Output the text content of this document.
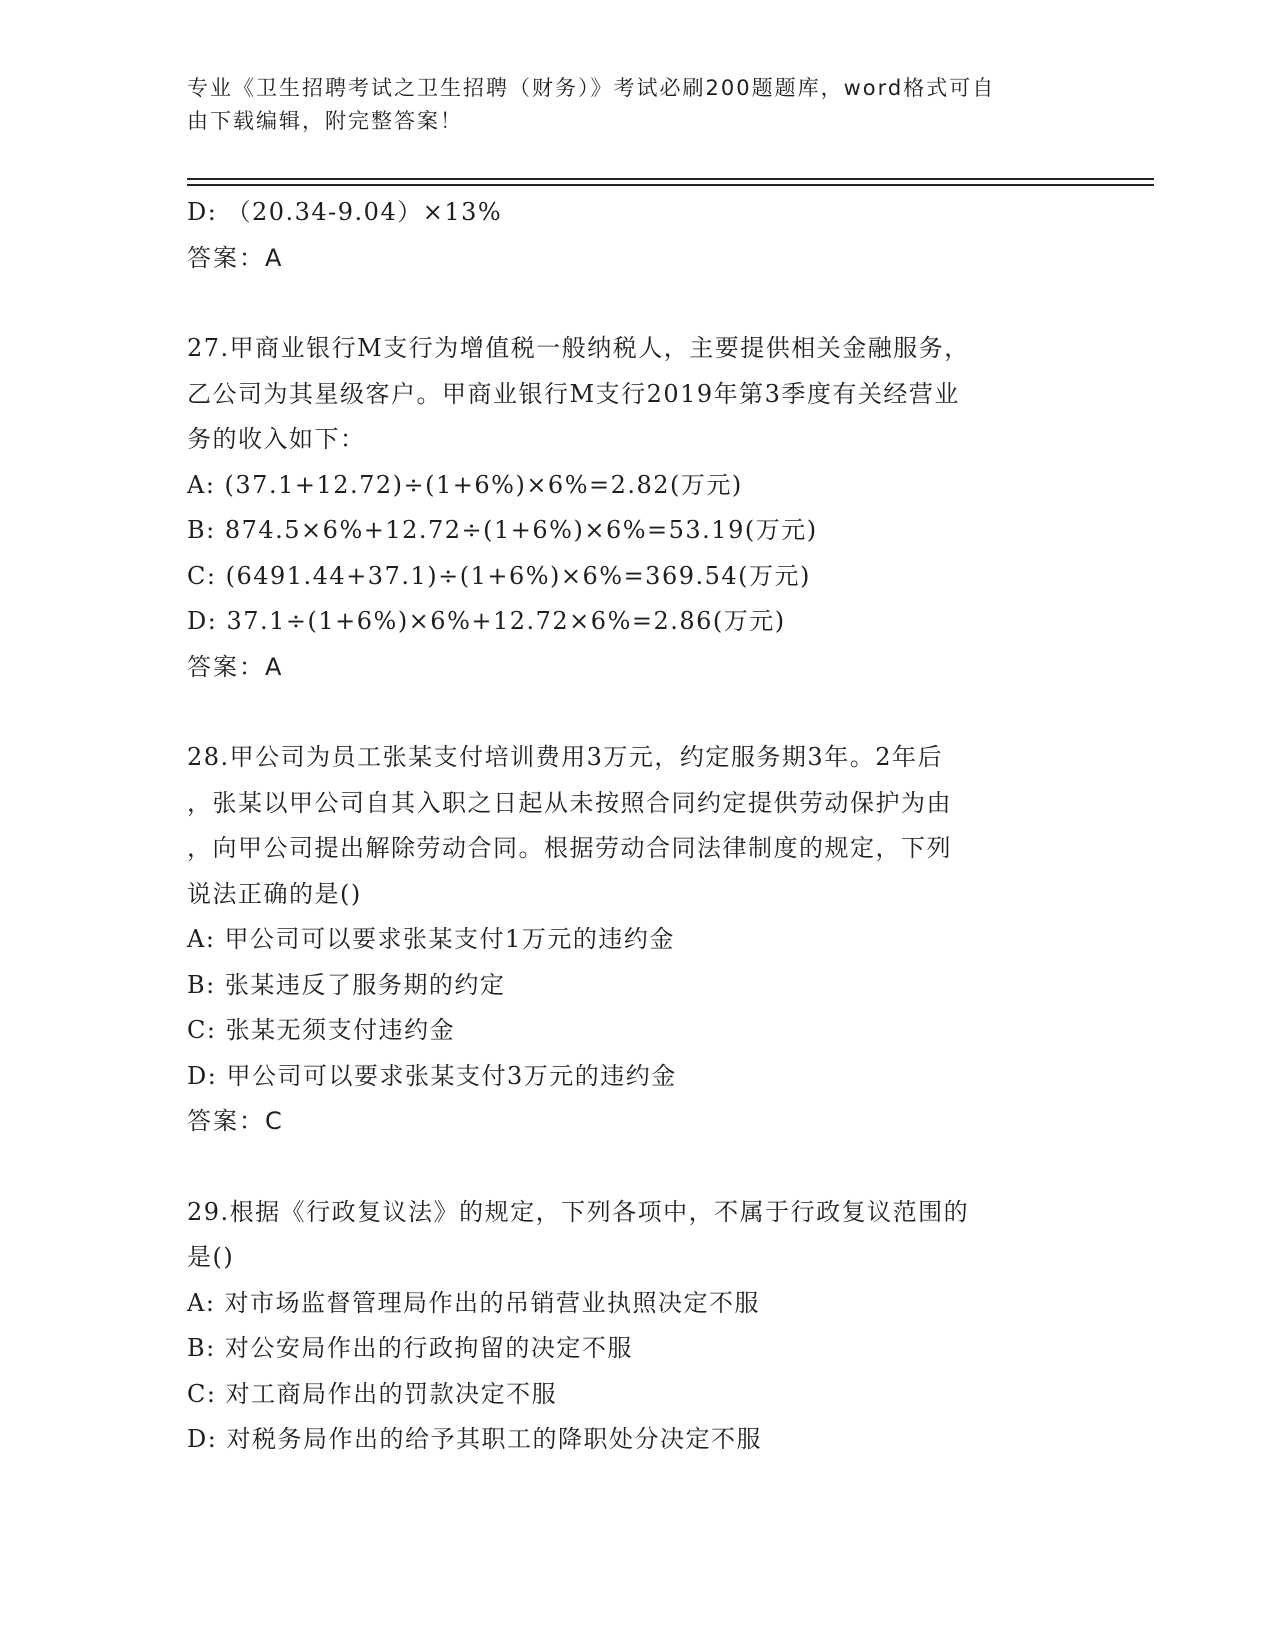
专业《卫生招聘考试之卫生招聘（财务）》考试必刷200题题库，word格式可自
由下载编辑，附完整答案！
D: （20.34-9.04）×13%
答案：A
27.甲商业银行M支行为增值税一般纳税人，主要提供相关金融服务，
乙公司为其星级客户。甲商业银行M支行2019年第3季度有关经营业
务的收入如下：
A: (37.1+12.72)÷(1+6%)×6%=2.82(万元)
B: 874.5×6%+12.72÷(1+6%)×6%=53.19(万元)
C: (6491.44+37.1)÷(1+6%)×6%=369.54(万元)
D: 37.1÷(1+6%)×6%+12.72×6%=2.86(万元)
答案：A
28.甲公司为员工张某支付培训费用3万元，约定服务期3年。2年后
，张某以甲公司自其入职之日起从未按照合同约定提供劳动保护为由
，向甲公司提出解除劳动合同。根据劳动合同法律制度的规定，下列
说法正确的是()
A: 甲公司可以要求张某支付1万元的违约金
B: 张某违反了服务期的约定
C: 张某无须支付违约金
D: 甲公司可以要求张某支付3万元的违约金
答案：C
29.根据《行政复议法》的规定，下列各项中，不属于行政复议范围的
是()
A: 对市场监督管理局作出的吊销营业执照决定不服
B: 对公安局作出的行政拘留的决定不服
C: 对工商局作出的罚款决定不服
D: 对税务局作出的给予其职工的降职处分决定不服
